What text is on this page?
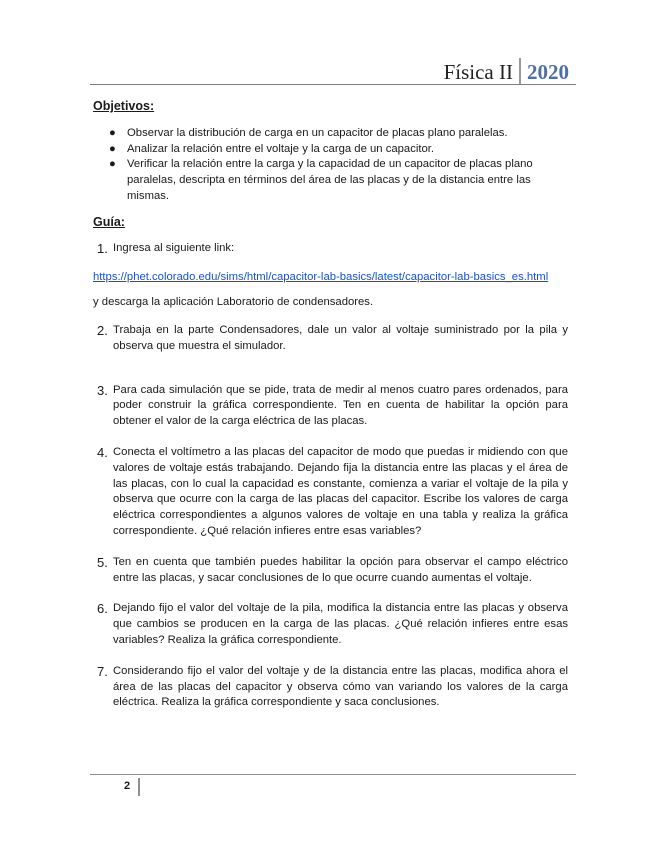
Física II 2020

Objetivos:

● Observar la distribución de carga en un capacitor de placas plano paralelas.
● Analizar la relación entre el voltaje y la carga de un capacitor.
● Verificar la relación entre la carga y la capacidad de un capacitor de placas plano paralelas, descripta en términos del área de las placas y de la distancia entre las mismas.

Guía:

1. Ingresa al siguiente link:
https://phet.colorado.edu/sims/html/capacitor-lab-basics/latest/capacitor-lab-basics_es.html
y descarga la aplicación Laboratorio de condensadores.
2. Trabaja en la parte Condensadores, dale un valor al voltaje suministrado por la pila y observa que muestra el simulador.
3. Para cada simulación que se pide, trata de medir al menos cuatro pares ordenados, para poder construir la gráfica correspondiente. Ten en cuenta de habilitar la opción para obtener el valor de la carga eléctrica de las placas.
4. Conecta el voltímetro a las placas del capacitor de modo que puedas ir midiendo con que valores de voltaje estás trabajando. Dejando fija la distancia entre las placas y el área de las placas, con lo cual la capacidad es constante, comienza a variar el voltaje de la pila y observa que ocurre con la carga de las placas del capacitor. Escribe los valores de carga eléctrica correspondientes a algunos valores de voltaje en una tabla y realiza la gráfica correspondiente. ¿Qué relación infieres entre esas variables?
5. Ten en cuenta que también puedes habilitar la opción para observar el campo eléctrico entre las placas, y sacar conclusiones de lo que ocurre cuando aumentas el voltaje.
6. Dejando fijo el valor del voltaje de la pila, modifica la distancia entre las placas y observa que cambios se producen en la carga de las placas. ¿Qué relación infieres entre esas variables? Realiza la gráfica correspondiente.
7. Considerando fijo el valor del voltaje y de la distancia entre las placas, modifica ahora el área de las placas del capacitor y observa cómo van variando los valores de la carga eléctrica. Realiza la gráfica correspondiente y saca conclusiones.
2
